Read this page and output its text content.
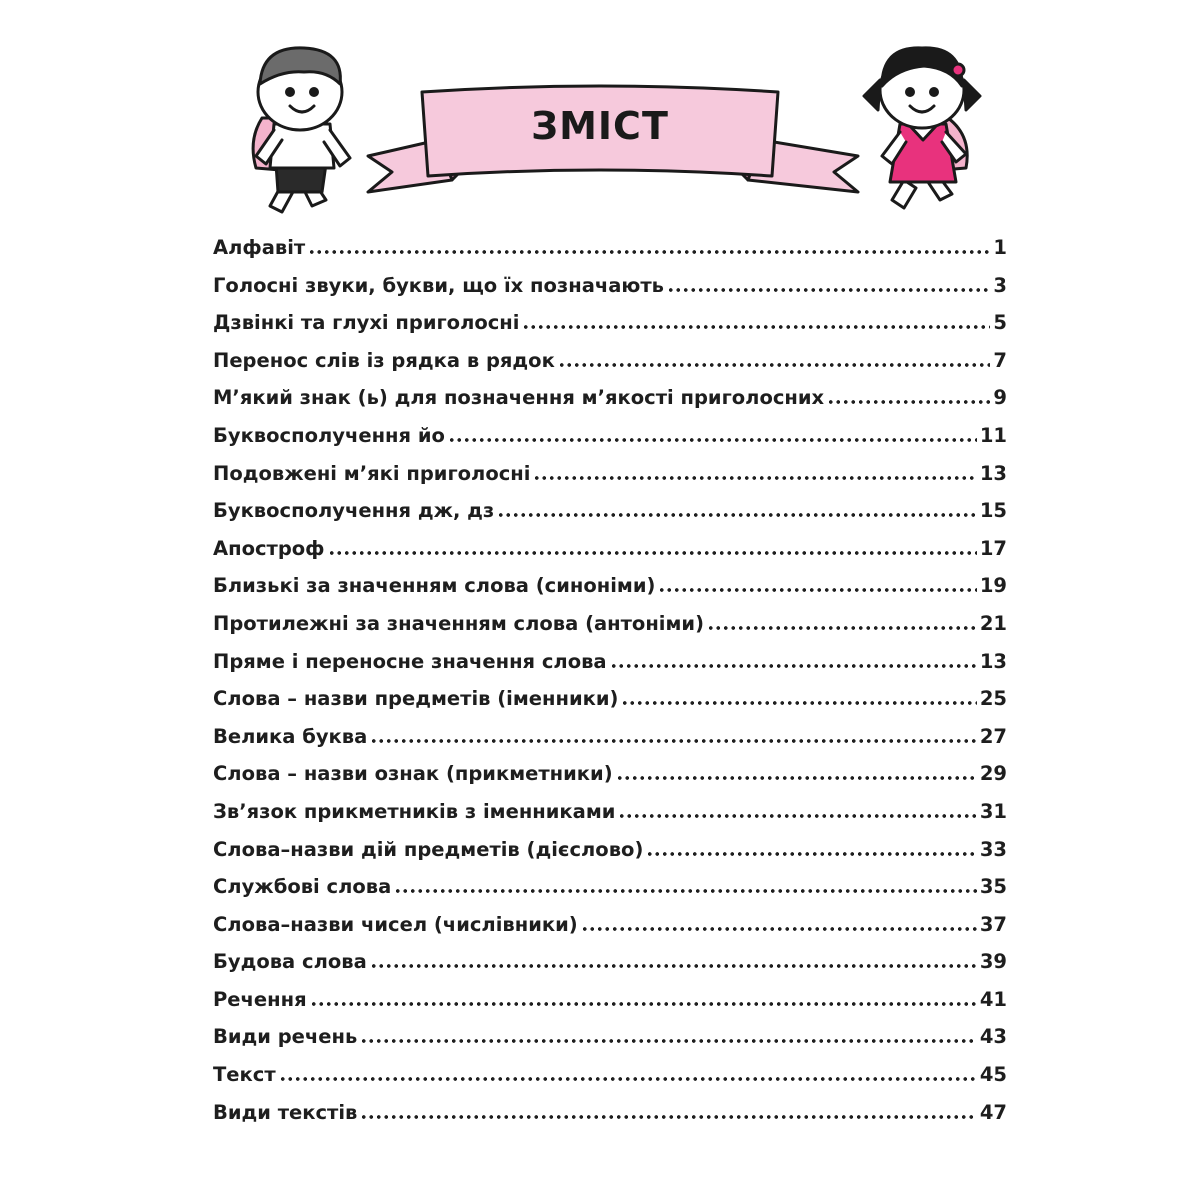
ЗМІСТ
Алфавіт	1
Голосні звуки, букви, що їх позначають	3
Дзвінкі та глухі приголосні	5
Перенос слів із рядка в рядок	7
М’який знак (ь) для позначення м’якості приголосних	9
Буквосполучення йо	11
Подовжені м’які приголосні	13
Буквосполучення дж, дз	15
Апостроф	17
Близькі за значенням слова (синоніми)	19
Протилежні за значенням слова (антоніми)	21
Пряме і переносне значення слова	13
Слова – назви предметів (іменники)	25
Велика буква	27
Слова – назви ознак (прикметники)	29
Зв’язок прикметників з іменниками	31
Слова–назви дій предметів (дієслово)	33
Службові слова	35
Слова–назви чисел (числівники)	37
Будова слова	39
Речення	41
Види речень	43
Текст	45
Види текстів	47
